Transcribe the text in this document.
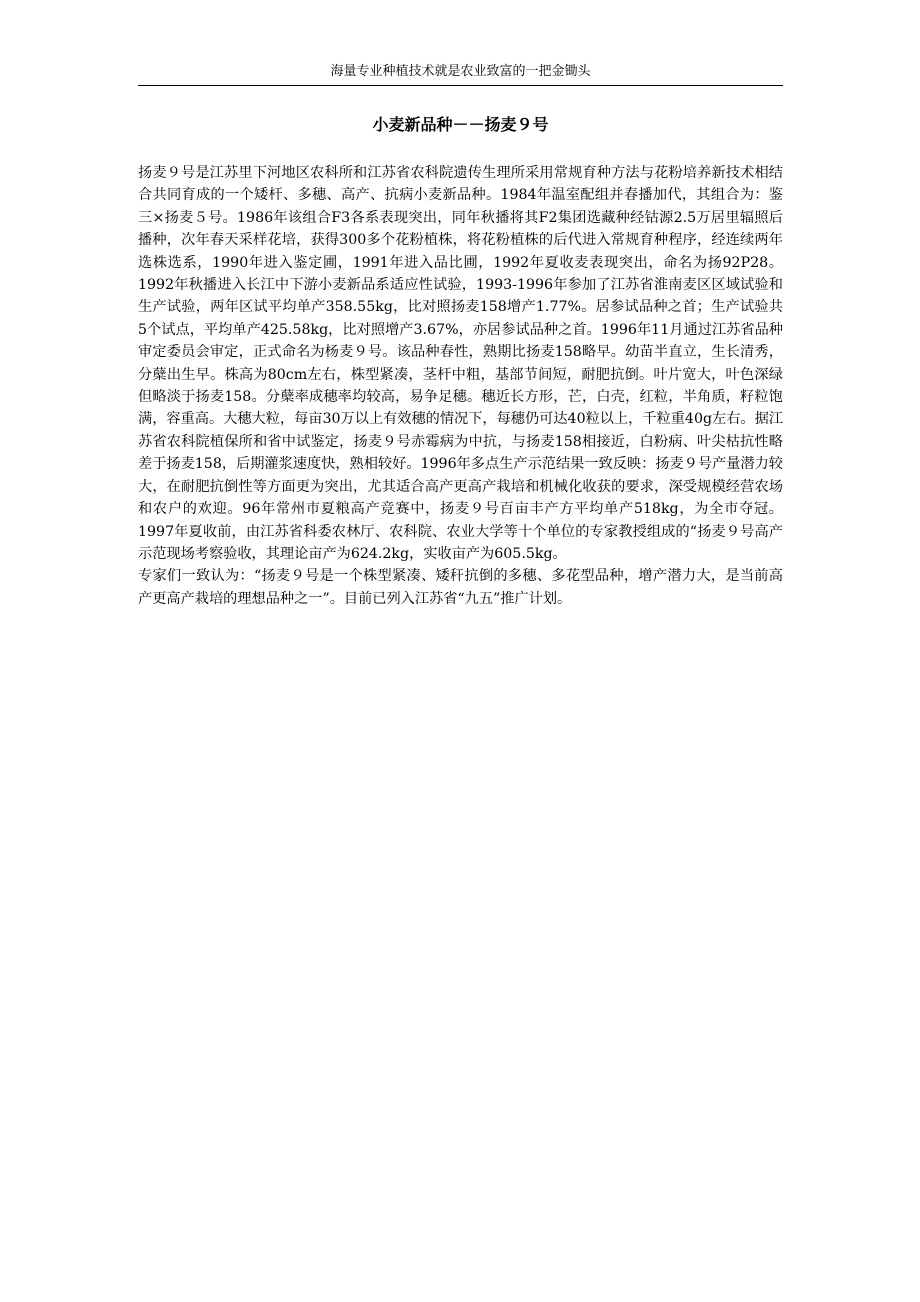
海量专业种植技术就是农业致富的一把金锄头
小麦新品种－－扬麦９号

扬麦９号是江苏里下河地区农科所和江苏省农科院遗传生理所采用常规育种方法与花粉培养新技术相结合共同育成的一个矮杆、多穗、高产、抗病小麦新品种。1984年温室配组并春播加代，其组合为：鉴三×扬麦５号。1986年该组合F3各系表现突出，同年秋播将其F2集团选藏种经钴源2.5万居里辐照后播种，次年春天采样花培，获得300多个花粉植株，将花粉植株的后代进入常规育种程序，经连续两年选株选系，1990年进入鉴定圃，1991年进入品比圃，1992年夏收麦表现突出，命名为扬92P28。1992年秋播进入长江中下游小麦新品系适应性试验，1993-1996年参加了江苏省淮南麦区区域试验和生产试验，两年区试平均单产358.55kg，比对照扬麦158增产1.77%。居参试品种之首；生产试验共5个试点，平均单产425.58kg，比对照增产3.67%，亦居参试品种之首。1996年11月通过江苏省品种审定委员会审定，正式命名为杨麦９号。该品种春性，熟期比扬麦158略早。幼苗半直立，生长清秀，分蘖出生早。株高为80cm左右，株型紧凑，茎杆中粗，基部节间短，耐肥抗倒。叶片宽大，叶色深绿但略淡于扬麦158。分蘖率成穗率均较高，易争足穗。穗近长方形，芒，白壳，红粒，半角质，籽粒饱满，容重高。大穗大粒，每亩30万以上有效穗的情况下，每穗仍可达40粒以上，千粒重40g左右。据江苏省农科院植保所和省中试鉴定，扬麦９号赤霉病为中抗，与扬麦158相接近，白粉病、叶尖枯抗性略差于扬麦158，后期灌浆速度快，熟相较好。1996年多点生产示范结果一致反映：扬麦９号产量潜力较大，在耐肥抗倒性等方面更为突出，尤其适合高产更高产栽培和机械化收获的要求，深受规模经营农场和农户的欢迎。96年常州市夏粮高产竞赛中，扬麦９号百亩丰产方平均单产518kg，为全市夺冠。1997年夏收前，由江苏省科委农林厅、农科院、农业大学等十个单位的专家教授组成的“扬麦９号高产示范现场考察验收，其理论亩产为624.2kg，实收亩产为605.5kg。

专家们一致认为：“扬麦９号是一个株型紧凑、矮秆抗倒的多穗、多花型品种，增产潜力大，是当前高产更高产栽培的理想品种之一”。目前已列入江苏省“九五”推广计划。
